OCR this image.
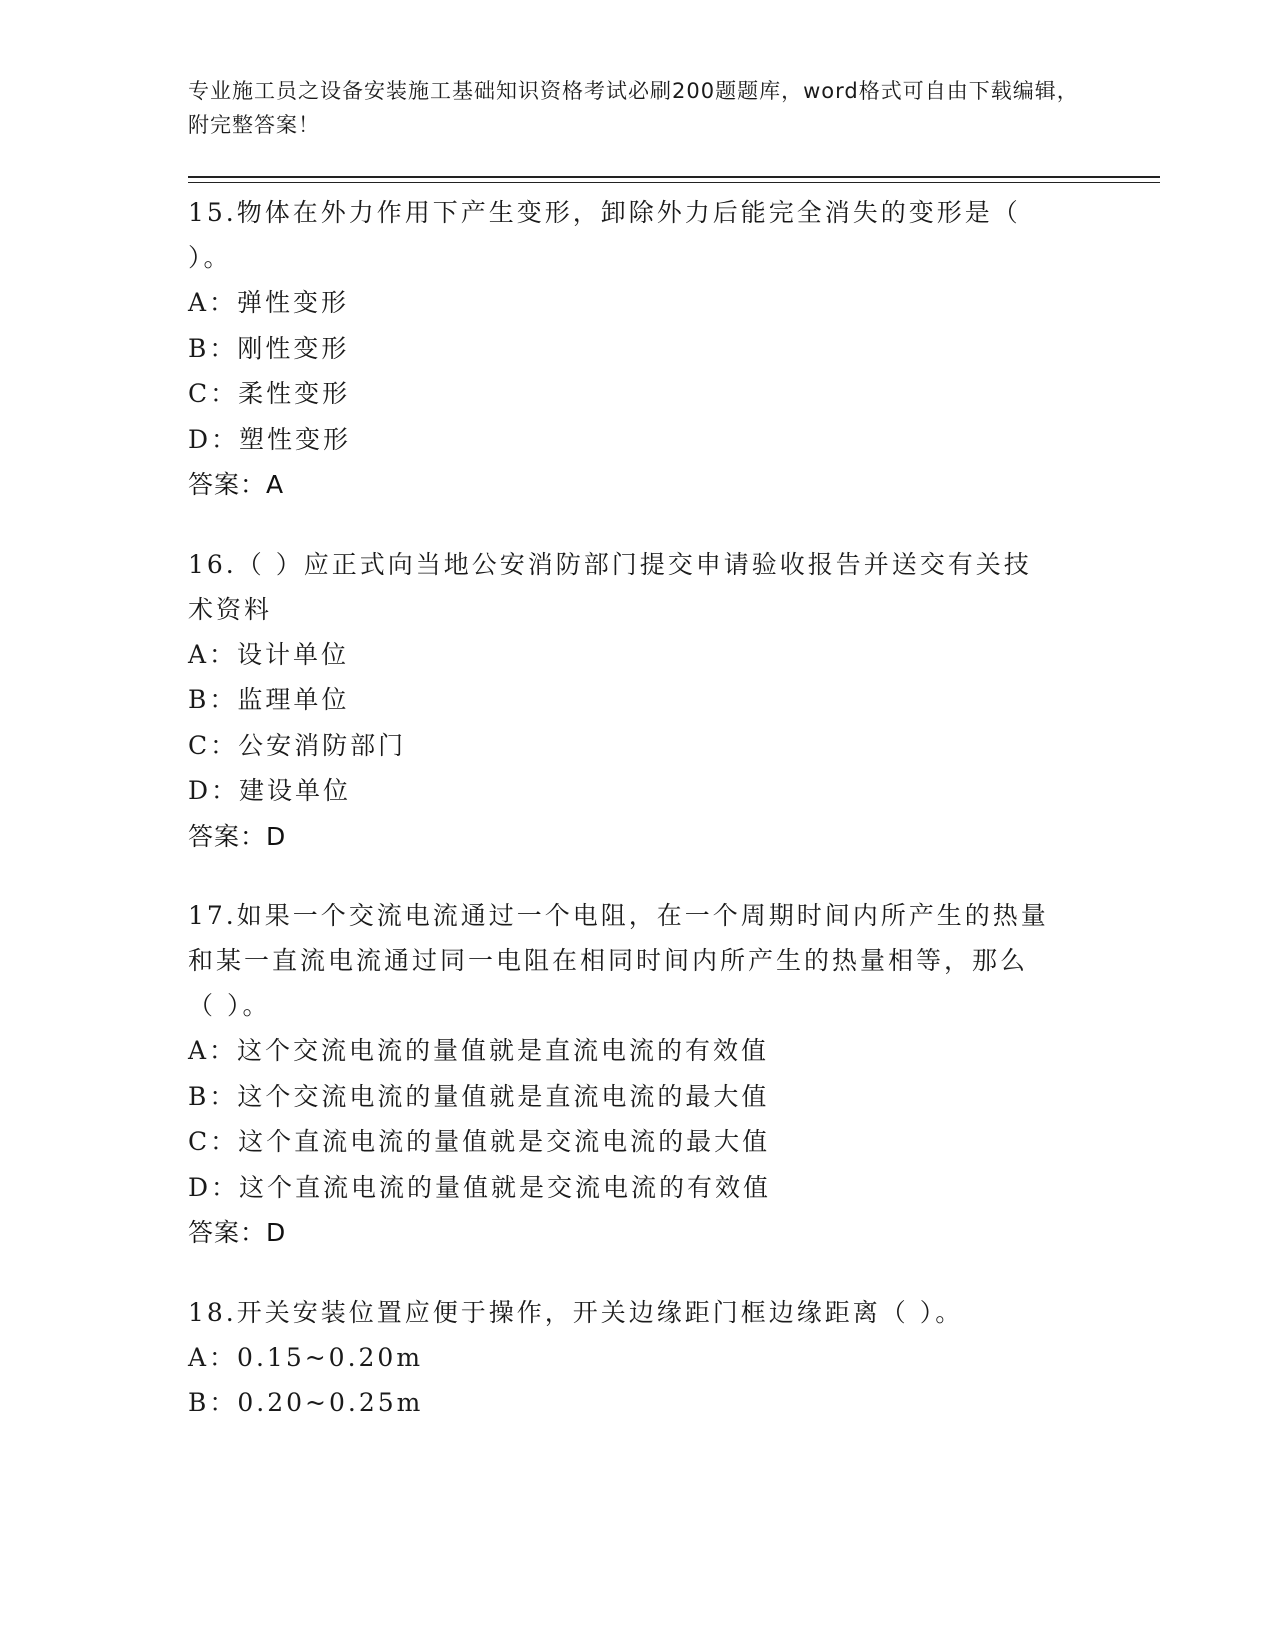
专业施工员之设备安装施工基础知识资格考试必刷200题题库，word格式可自由下载编辑，附完整答案！
15.物体在外力作用下产生变形，卸除外力后能完全消失的变形是（
）。
A：弹性变形
B：刚性变形
C：柔性变形
D：塑性变形
答案：A
16.（ ）应正式向当地公安消防部门提交申请验收报告并送交有关技
术资料
A：设计单位
B：监理单位
C：公安消防部门
D：建设单位
答案：D
17.如果一个交流电流通过一个电阻，在一个周期时间内所产生的热量
和某一直流电流通过同一电阻在相同时间内所产生的热量相等，那么
（ ）。
A：这个交流电流的量值就是直流电流的有效值
B：这个交流电流的量值就是直流电流的最大值
C：这个直流电流的量值就是交流电流的最大值
D：这个直流电流的量值就是交流电流的有效值
答案：D
18.开关安装位置应便于操作，开关边缘距门框边缘距离（ ）。
A：0.15~0.20m
B：0.20~0.25m
